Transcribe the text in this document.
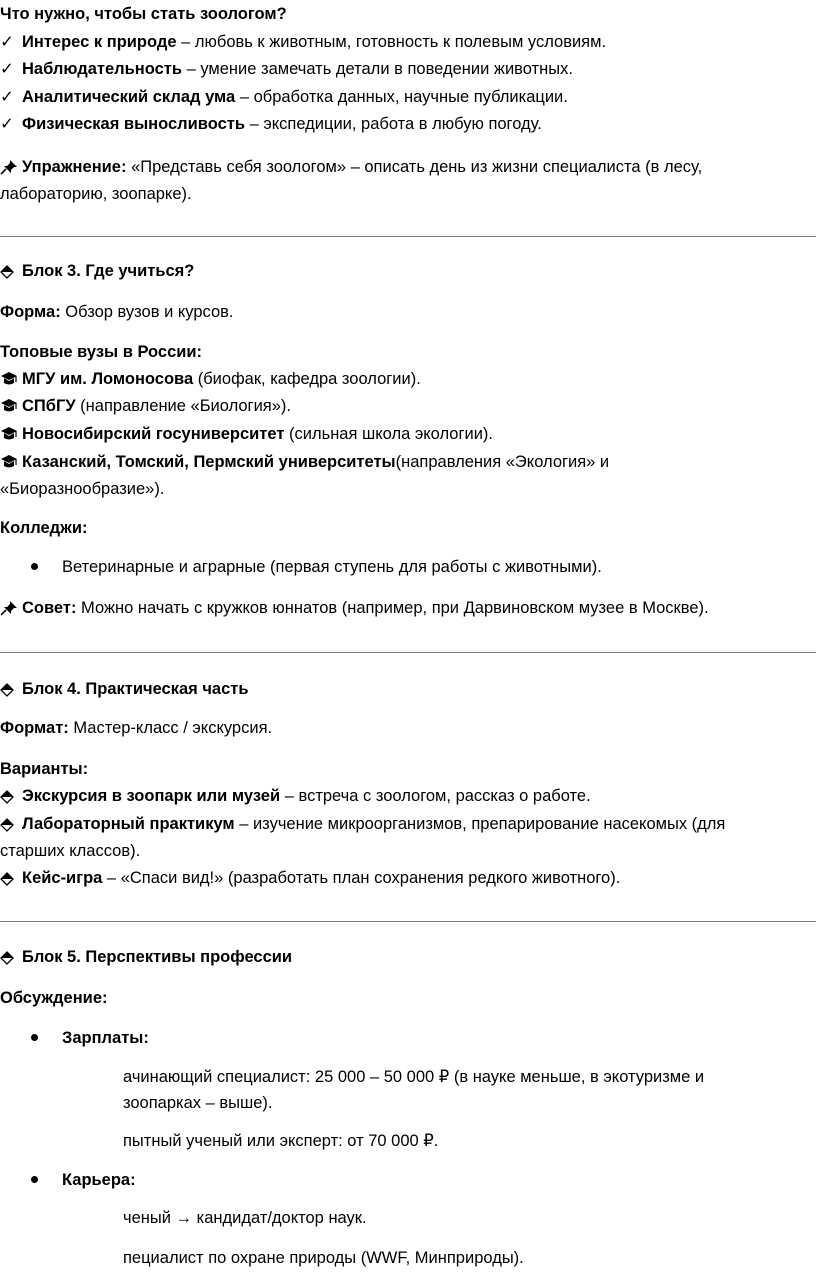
Что нужно, чтобы стать зоологом?
✓ Интерес к природе – любовь к животным, готовность к полевым условиям.
✓ Наблюдательность – умение замечать детали в поведении животных.
✓ Аналитический склад ума – обработка данных, научные публикации.
✓ Физическая выносливость – экспедиции, работа в любую погоду.
Упражнение: «Представь себя зоологом» – описать день из жизни специалиста (в лесу, лабораторию, зоопарке).
Блок 3. Где учиться?
Форма: Обзор вузов и курсов.
Топовые вузы в России:
МГУ им. Ломоносова (биофак, кафедра зоологии).
СПбГУ (направление «Биология»).
Новосибирский госуниверситет (сильная школа экологии).
Казанский, Томский, Пермский университеты(направления «Экология» и
«Биоразнообразие»).
Колледжи:
Ветеринарные и аграрные (первая ступень для работы с животными).
Совет: Можно начать с кружков юннатов (например, при Дарвиновском музее в Москве).
Блок 4. Практическая часть
Формат: Мастер-класс / экскурсия.
Варианты:
Экскурсия в зоопарк или музей – встреча с зоологом, рассказ о работе.
Лабораторный практикум – изучение микроорганизмов, препарирование насекомых (для
старших классов).
Кейс-игра – «Спаси вид!» (разработать план сохранения редкого животного).
Блок 5. Перспективы профессии
Обсуждение:
Зарплаты:
ачинающий специалист: 25 000 – 50 000 ₽ (в науке меньше, в экотуризме и
зоопарках – выше).
пытный ученый или эксперт: от 70 000 ₽.
Карьера:
ченый → кандидат/доктор наук.
пециалист по охране природы (WWF, Минприроды).
